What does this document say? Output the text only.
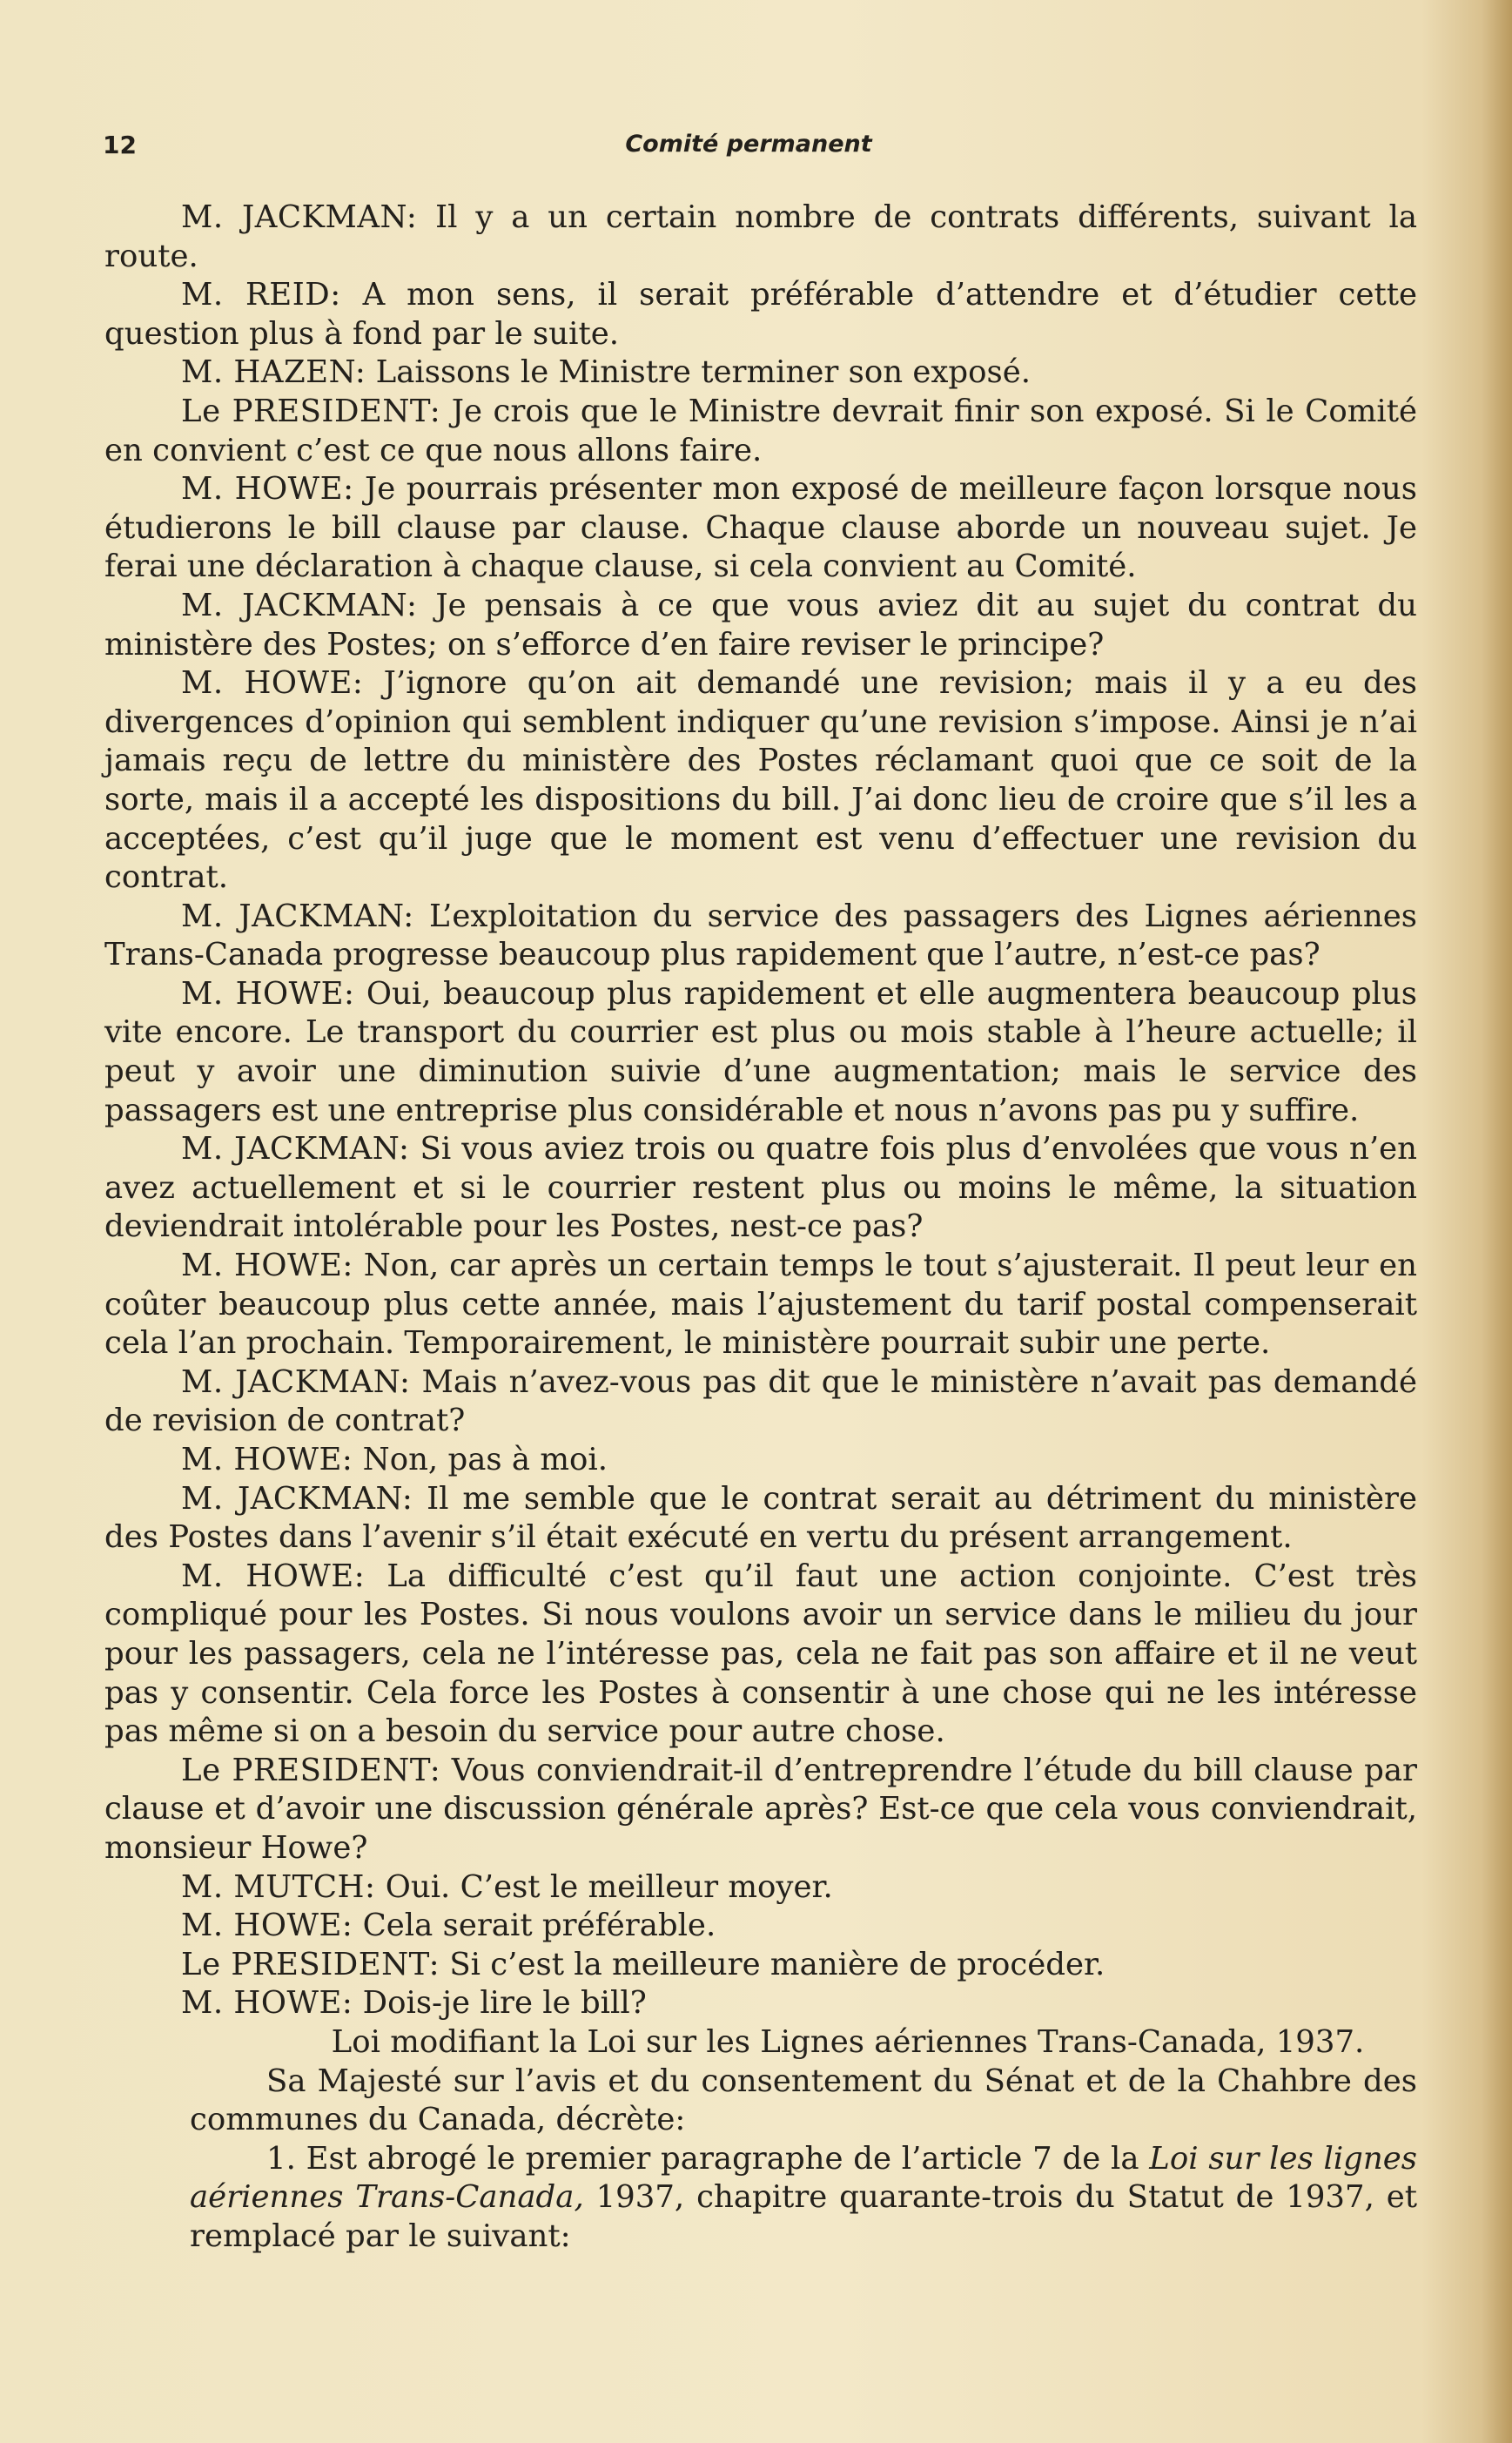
12	Comité permanent

M. JACKMAN: Il y a un certain nombre de contrats différents, suivant la route.

M. REID: A mon sens, il serait préférable d’attendre et d’étudier cette question plus à fond par le suite.

M. HAZEN: Laissons le Ministre terminer son exposé.

Le PRESIDENT: Je crois que le Ministre devrait finir son exposé. Si le Comité en convient c’est ce que nous allons faire.

M. HOWE: Je pourrais présenter mon exposé de meilleure façon lorsque nous étudierons le bill clause par clause. Chaque clause aborde un nouveau sujet. Je ferai une déclaration à chaque clause, si cela convient au Comité.

M. JACKMAN: Je pensais à ce que vous aviez dit au sujet du contrat du ministère des Postes; on s’efforce d’en faire reviser le principe?

M. HOWE: J’ignore qu’on ait demandé une revision; mais il y a eu des divergences d’opinion qui semblent indiquer qu’une revision s’impose. Ainsi je n’ai jamais reçu de lettre du ministère des Postes réclamant quoi que ce soit de la sorte, mais il a accepté les dispositions du bill. J’ai donc lieu de croire que s’il les a acceptées, c’est qu’il juge que le moment est venu d’effectuer une revision du contrat.

M. JACKMAN: L’exploitation du service des passagers des Lignes aériennes Trans-Canada progresse beaucoup plus rapidement que l’autre, n’est-ce pas?

M. HOWE: Oui, beaucoup plus rapidement et elle augmentera beaucoup plus vite encore. Le transport du courrier est plus ou mois stable à l’heure actuelle; il peut y avoir une diminution suivie d’une augmentation; mais le service des passagers est une entreprise plus considérable et nous n’avons pas pu y suffire.

M. JACKMAN: Si vous aviez trois ou quatre fois plus d’envolées que vous n’en avez actuellement et si le courrier restent plus ou moins le même, la situation deviendrait intolérable pour les Postes, nest-ce pas?

M. HOWE: Non, car après un certain temps le tout s’ajusterait. Il peut leur en coûter beaucoup plus cette année, mais l’ajustement du tarif postal compenserait cela l’an prochain. Temporairement, le ministère pourrait subir une perte.

M. JACKMAN: Mais n’avez-vous pas dit que le ministère n’avait pas demandé de revision de contrat?

M. HOWE: Non, pas à moi.

M. JACKMAN: Il me semble que le contrat serait au détriment du ministère des Postes dans l’avenir s’il était exécuté en vertu du présent arrangement.

M. HOWE: La difficulté c’est qu’il faut une action conjointe. C’est très compliqué pour les Postes. Si nous voulons avoir un service dans le milieu du jour pour les passagers, cela ne l’intéresse pas, cela ne fait pas son affaire et il ne veut pas y consentir. Cela force les Postes à consentir à une chose qui ne les intéresse pas même si on a besoin du service pour autre chose.

Le PRESIDENT: Vous conviendrait-il d’entreprendre l’étude du bill clause par clause et d’avoir une discussion générale après? Est-ce que cela vous conviendrait, monsieur Howe?

M. MUTCH: Oui. C’est le meilleur moyer.

M. HOWE: Cela serait préférable.

Le PRESIDENT: Si c’est la meilleure manière de procéder.

M. HOWE: Dois-je lire le bill?

Loi modifiant la Loi sur les Lignes aériennes Trans-Canada, 1937.

Sa Majesté sur l’avis et du consentement du Sénat et de la Chahbre des communes du Canada, décrète:

1. Est abrogé le premier paragraphe de l’article 7 de la Loi sur les lignes aériennes Trans-Canada, 1937, chapitre quarante-trois du Statut de 1937, et remplacé par le suivant:
